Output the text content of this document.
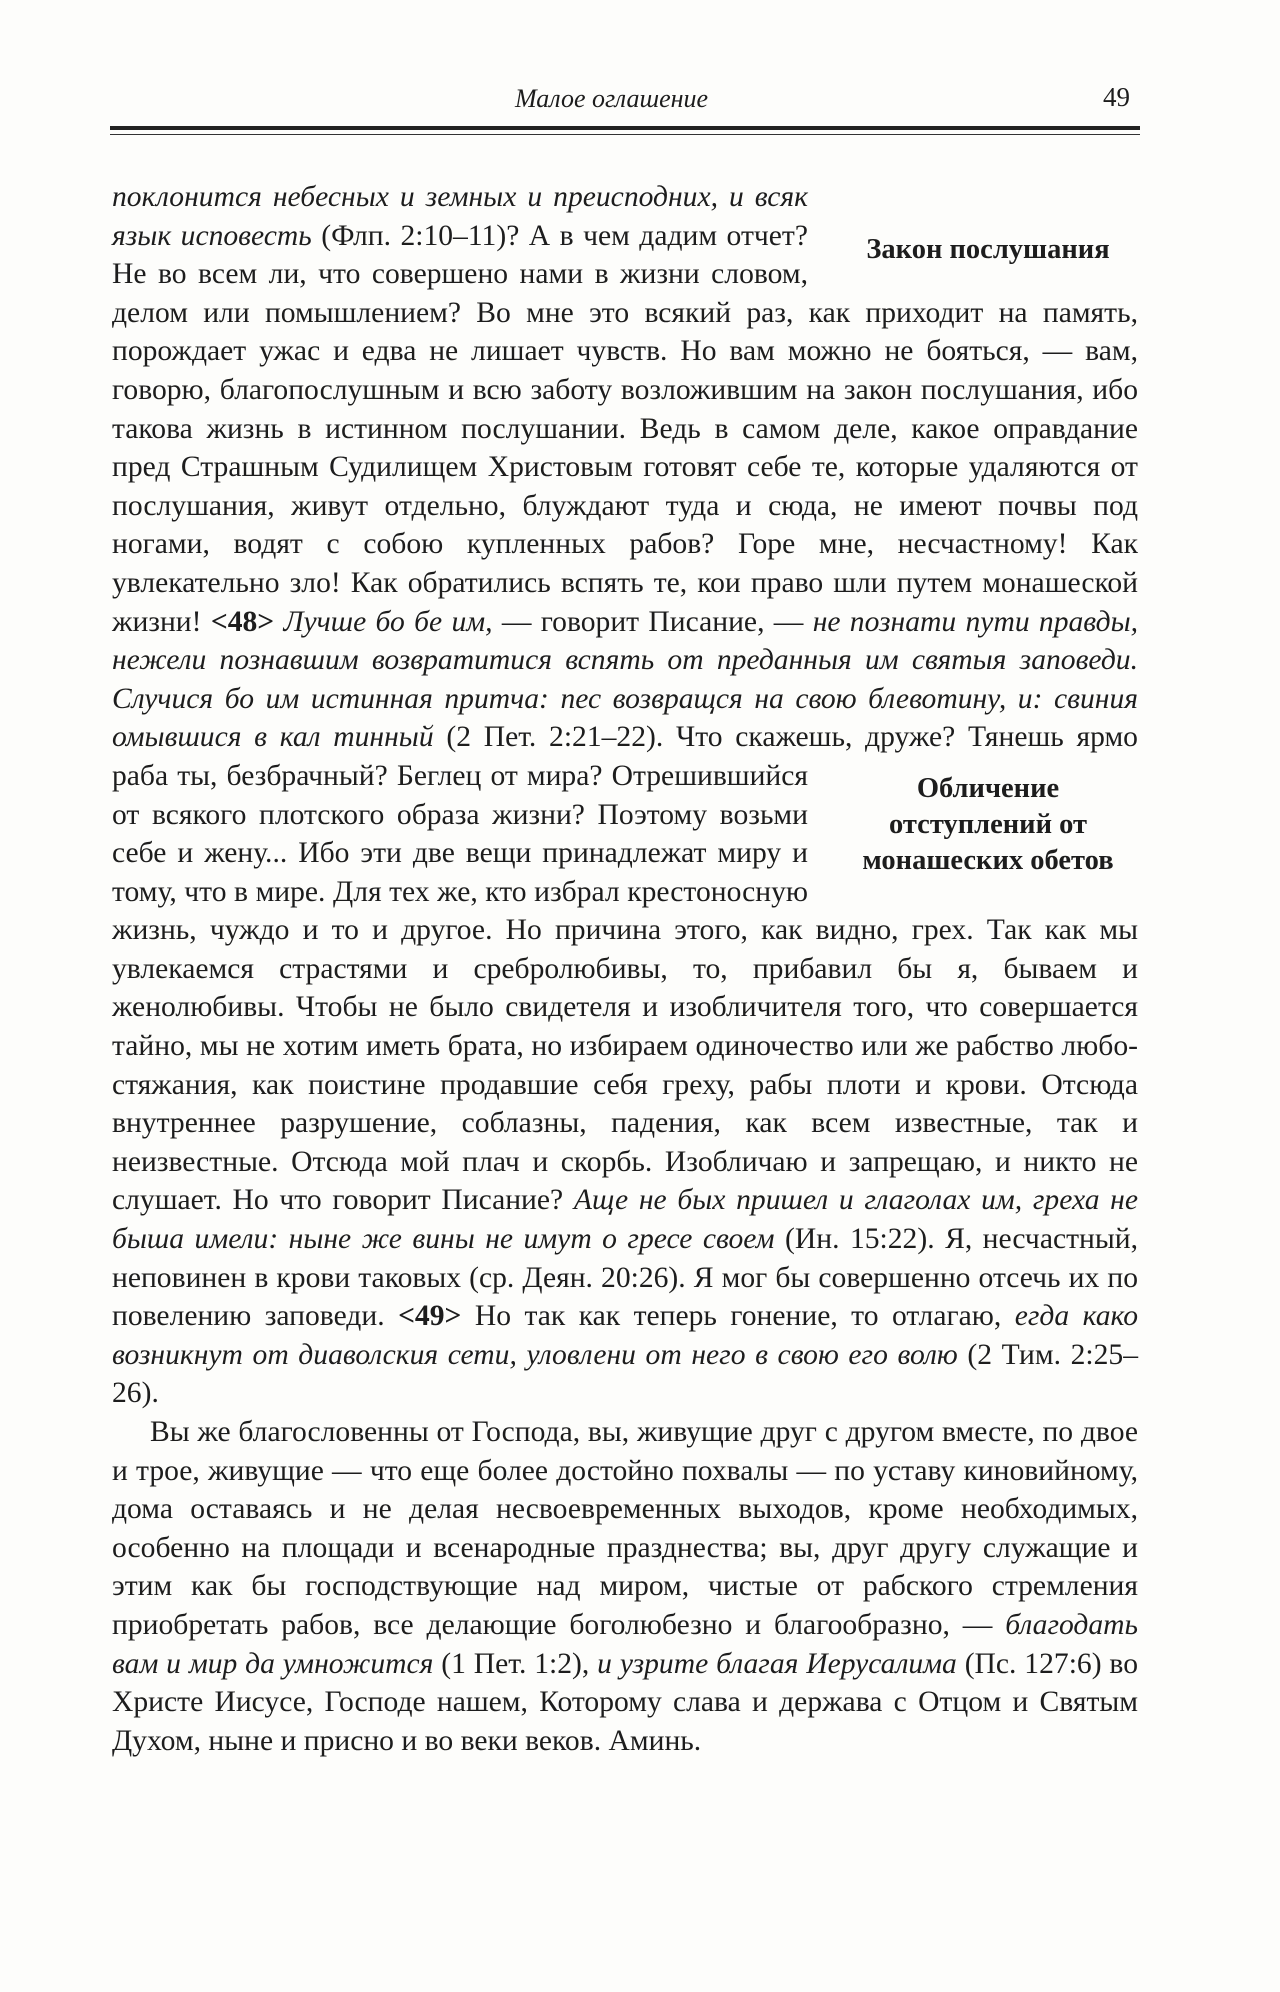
Малое оглашение	49
Закон послушания

поклонится небесных и земных и преисподних, и всяк язык исповесть (Флп. 2:10–11)? А в чем дадим отчет? Не во всем ли, что совершено нами в жизни словом, делом или помышлением? Во мне это всякий раз, как приходит на память, порождает ужас и едва не лишает чувств. Но вам можно не бояться, — вам, говорю, благопослушным и всю заботу возложившим на закон послушания, ибо такова жизнь в истинном послушании. Ведь в самом деле, какое оправдание пред Страшным Судилищем Христовым готовят себе те, которые удаляются от послушания, живут отдельно, блуждают туда и сюда, не имеют почвы под ногами, водят с собою купленных рабов? Горе мне, несчастному! Как увлекательно зло! Как обратились вспять те, кои право шли путем монашеской жизни! <48> Лучше бо бе им, — говорит Писание, — не познати пути правды, нежели познавшим возвратитися вспять от преданныя им святыя заповеди. Случися бо им истинная притча: пес возвращся на свою блевотину, и: свиния омывшися в кал тинный (2 Пет. 2:21–22). Что скажешь, друже?
Обличение отступлений от монашеских обетов
Тянешь ярмо раба ты, безбрачный? Беглец от мира? Отрешившийся от всякого плотского образа жизни? Поэтому возьми себе и жену... Ибо эти две вещи принадлежат миру и тому, что в мире. Для тех же, кто избрал крестоносную жизнь, чуждо и то и другое. Но причина этого, как видно, грех. Так как мы увлекаемся страстями и сребролюбивы, то, прибавил бы я, бываем и женолюбивы. Чтобы не было свидетеля и изобличителя того, что совершается тайно, мы не хотим иметь брата, но избираем одиночество или же рабство любостяжания, как поистине продавшие себя греху, рабы плоти и крови. Отсюда внутреннее разрушение, соблазны, падения, как всем известные, так и неизвестные. Отсюда мой плач и скорбь. Изобличаю и запрещаю, и никто не слушает. Но что говорит Писание? Аще не бых пришел и глаголах им, греха не быша имели: ныне же вины не имут о гресе своем (Ин. 15:22). Я, несчастный, неповинен в крови таковых (ср. Деян. 20:26). Я мог бы совершенно отсечь их по повелению заповеди. <49> Но так как теперь гонение, то отлагаю, егда како возникнут от диаволския сети, уловлени от него в свою его волю (2 Тим. 2:25–26).

Вы же благословенны от Господа, вы, живущие друг с другом вместе, по двое и трое, живущие — что еще более достойно похвалы — по уставу киновийному, дома оставаясь и не делая несвоевременных выходов, кроме необходимых, особенно на площади и всенародные празднества; вы, друг другу служащие и этим как бы господствующие над миром, чистые от рабского стремления приобретать рабов, все делающие боголюбезно и благообразно, — благодать вам и мир да умножится (1 Пет. 1:2), и узрите благая Иерусалима (Пс. 127:6) во Христе Иисусе, Господе нашем, Которому слава и держава с Отцом и Святым Духом, ныне и присно и во веки веков. Аминь.
